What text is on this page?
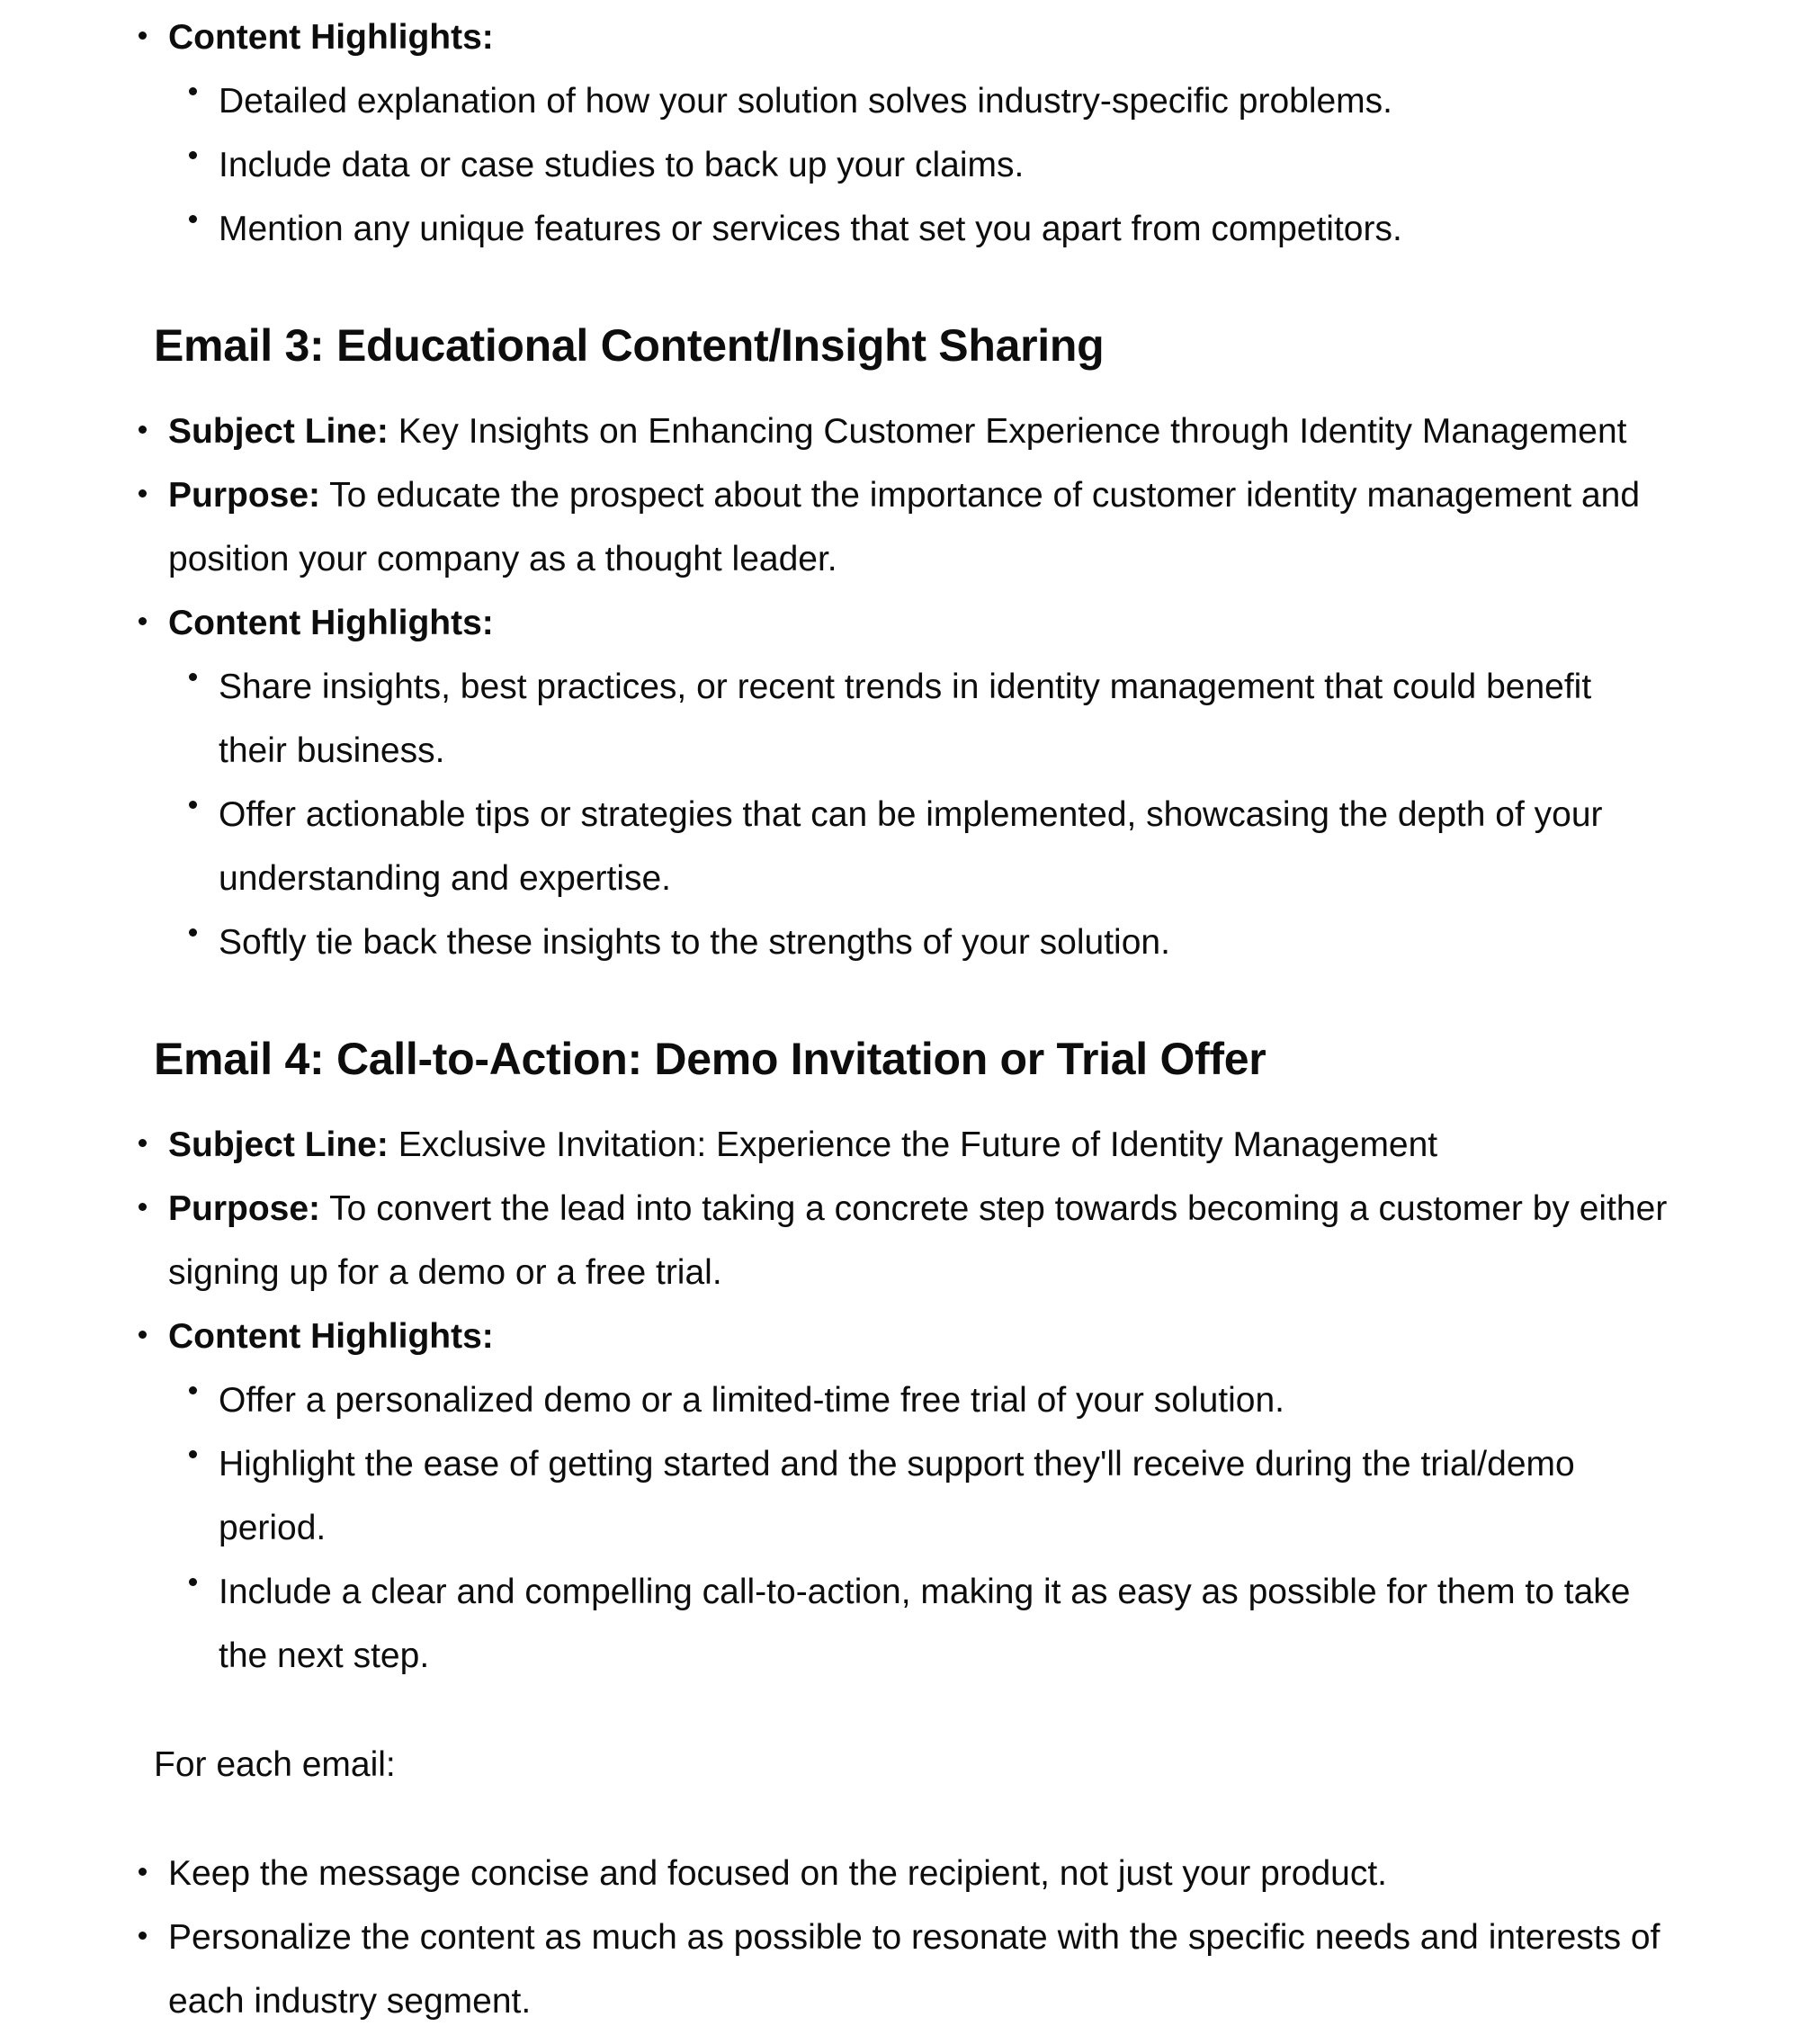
Content Highlights:
Detailed explanation of how your solution solves industry-specific problems.
Include data or case studies to back up your claims.
Mention any unique features or services that set you apart from competitors.
Email 3: Educational Content/Insight Sharing
Subject Line: Key Insights on Enhancing Customer Experience through Identity Management
Purpose: To educate the prospect about the importance of customer identity management and
position your company as a thought leader.
Content Highlights:
Share insights, best practices, or recent trends in identity management that could benefit
their business.
Offer actionable tips or strategies that can be implemented, showcasing the depth of your
understanding and expertise.
Softly tie back these insights to the strengths of your solution.
Email 4: Call-to-Action: Demo Invitation or Trial Offer
Subject Line: Exclusive Invitation: Experience the Future of Identity Management
Purpose: To convert the lead into taking a concrete step towards becoming a customer by either
signing up for a demo or a free trial.
Content Highlights:
Offer a personalized demo or a limited-time free trial of your solution.
Highlight the ease of getting started and the support they'll receive during the trial/demo
period.
Include a clear and compelling call-to-action, making it as easy as possible for them to take
the next step.
For each email:
Keep the message concise and focused on the recipient, not just your product.
Personalize the content as much as possible to resonate with the specific needs and interests of
each industry segment.
